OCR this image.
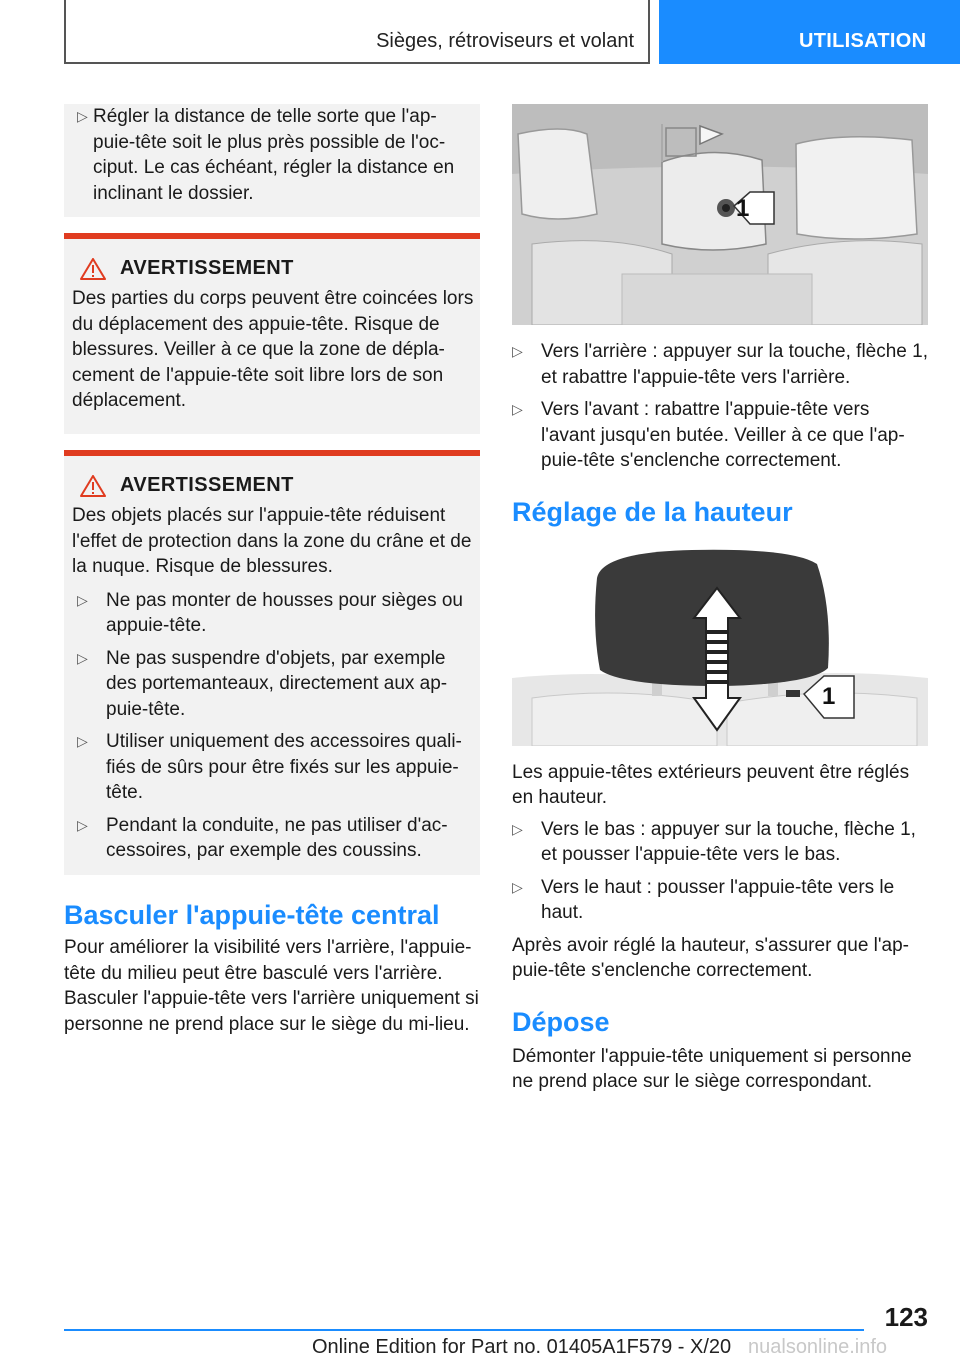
Sièges, rétroviseurs et volant	UTILISATION
▷ Régler la distance de telle sorte que l'ap-puie-tête soit le plus près possible de l'oc-ciput. Le cas échéant, régler la distance en inclinant le dossier.
AVERTISSEMENT
Des parties du corps peuvent être coincées lors du déplacement des appuie-tête. Risque de blessures. Veiller à ce que la zone de dépla-cement de l'appuie-tête soit libre lors de son déplacement.
AVERTISSEMENT
Des objets placés sur l'appuie-tête réduisent l'effet de protection dans la zone du crâne et de la nuque. Risque de blessures.
▷ Ne pas monter de housses pour sièges ou appuie-tête.
▷ Ne pas suspendre d'objets, par exemple des portemanteaux, directement aux ap-puie-tête.
▷ Utiliser uniquement des accessoires quali-fiés de sûrs pour être fixés sur les appuie-tête.
▷ Pendant la conduite, ne pas utiliser d'ac-cessoires, par exemple des coussins.
Basculer l'appuie-tête central
Pour améliorer la visibilité vers l'arrière, l'appuie-tête du milieu peut être basculé vers l'arrière. Basculer l'appuie-tête vers l'arrière uniquement si personne ne prend place sur le siège du mi-lieu.
1
▷ Vers l'arrière : appuyer sur la touche, flèche 1, et rabattre l'appuie-tête vers l'arrière.
▷ Vers l'avant : rabattre l'appuie-tête vers l'avant jusqu'en butée. Veiller à ce que l'ap-puie-tête s'enclenche correctement.
Réglage de la hauteur
1
Les appuie-têtes extérieurs peuvent être réglés en hauteur.
▷ Vers le bas : appuyer sur la touche, flèche 1, et pousser l'appuie-tête vers le bas.
▷ Vers le haut : pousser l'appuie-tête vers le haut.
Après avoir réglé la hauteur, s'assurer que l'ap-puie-tête s'enclenche correctement.
Dépose
Démonter l'appuie-tête uniquement si personne ne prend place sur le siège correspondant.
123
Online Edition for Part no. 01405A1F579 - X/20 nualsonline.info
